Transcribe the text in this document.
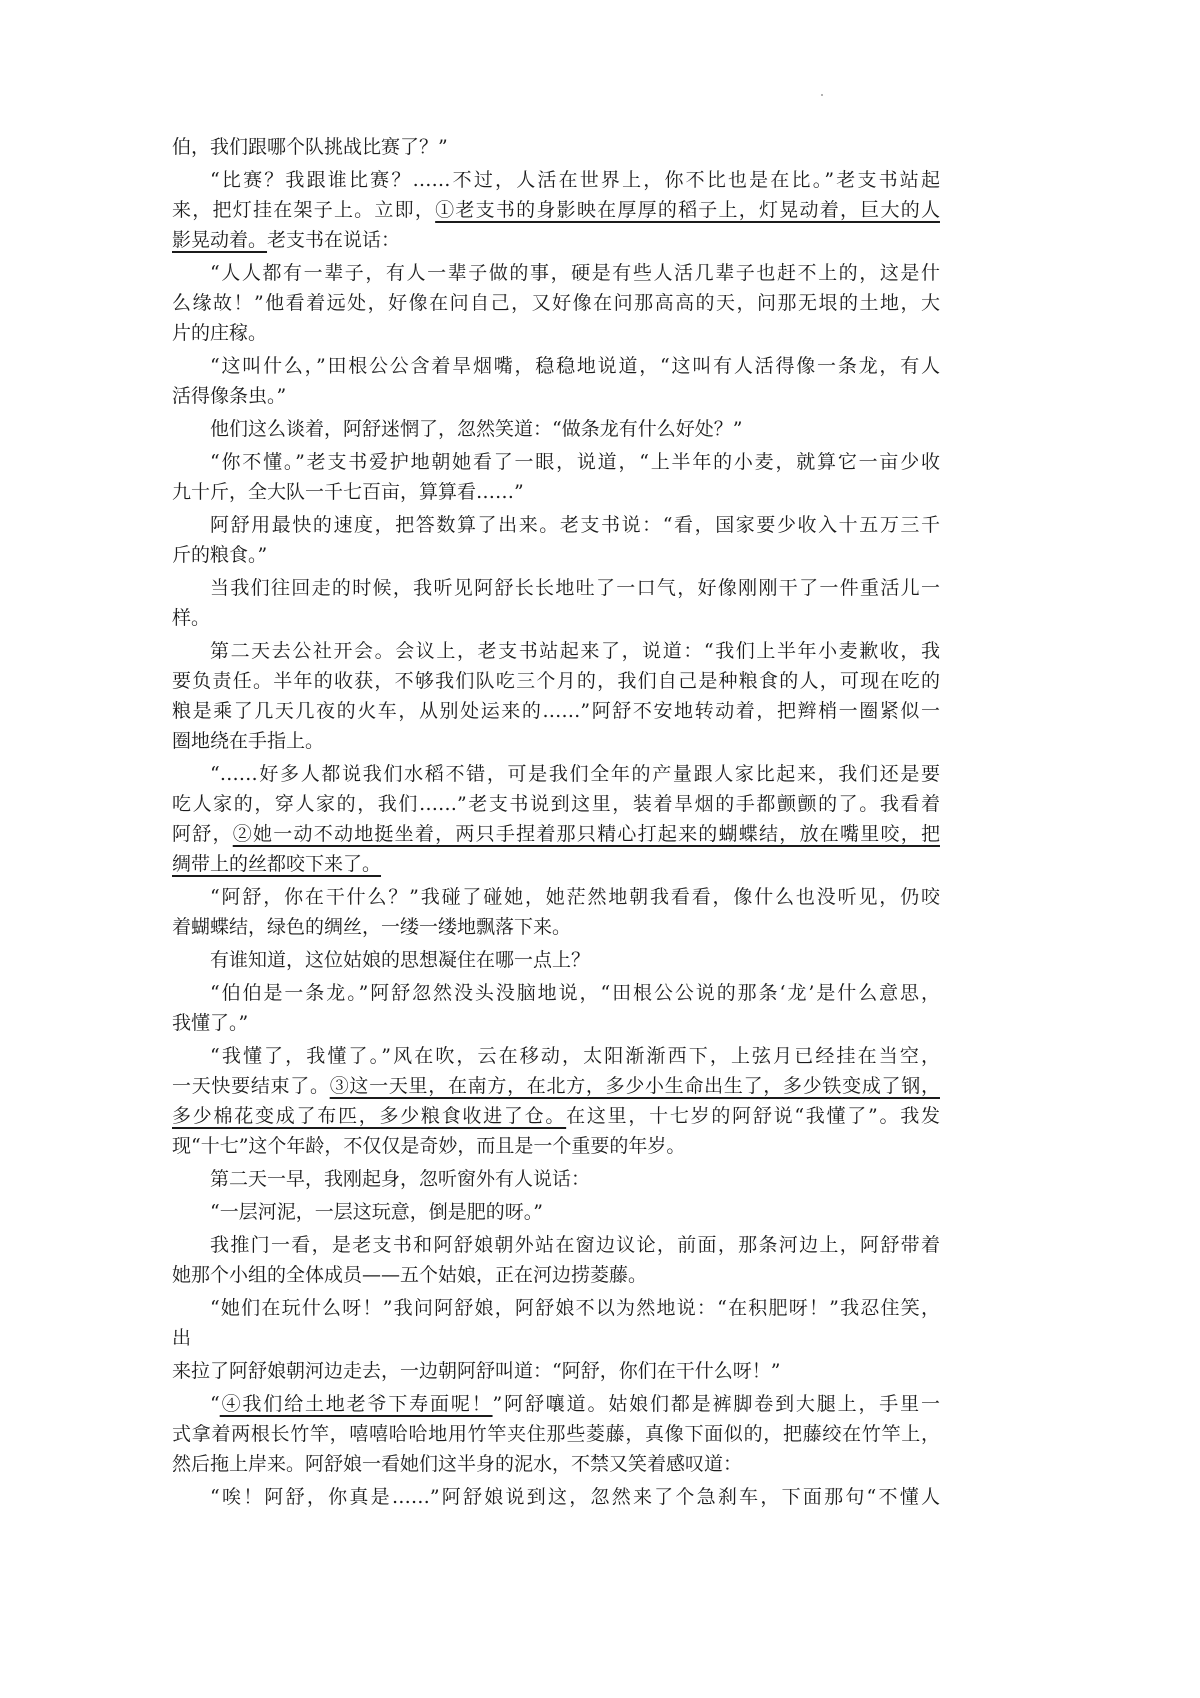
伯，我们跟哪个队挑战比赛了？”
“比赛？我跟谁比赛？……不过，人活在世界上，你不比也是在比。”老支书站起
来，把灯挂在架子上。立即，①老支书的身影映在厚厚的稻子上，灯晃动着，巨大的人
影晃动着。老支书在说话：
“人人都有一辈子，有人一辈子做的事，硬是有些人活几辈子也赶不上的，这是什
么缘故！”他看着远处，好像在问自己，又好像在问那高高的天，问那无垠的土地，大
片的庄稼。
“这叫什么，”田根公公含着旱烟嘴，稳稳地说道，“这叫有人活得像一条龙，有人
活得像条虫。”
他们这么谈着，阿舒迷惘了，忽然笑道：“做条龙有什么好处？”
“你不懂。”老支书爱护地朝她看了一眼，说道，“上半年的小麦，就算它一亩少收
九十斤，全大队一千七百亩，算算看……”
阿舒用最快的速度，把答数算了出来。老支书说：“看，国家要少收入十五万三千
斤的粮食。”
当我们往回走的时候，我听见阿舒长长地吐了一口气，好像刚刚干了一件重活儿一
样。
第二天去公社开会。会议上，老支书站起来了，说道：“我们上半年小麦歉收，我
要负责任。半年的收获，不够我们队吃三个月的，我们自己是种粮食的人，可现在吃的
粮是乘了几天几夜的火车，从别处运来的……”阿舒不安地转动着，把辫梢一圈紧似一
圈地绕在手指上。
“……好多人都说我们水稻不错，可是我们全年的产量跟人家比起来，我们还是要
吃人家的，穿人家的，我们……”老支书说到这里，装着旱烟的手都颤颤的了。我看着
阿舒，②她一动不动地挺坐着，两只手捏着那只精心打起来的蝴蝶结，放在嘴里咬，把
绸带上的丝都咬下来了。
“阿舒，你在干什么？”我碰了碰她，她茫然地朝我看看，像什么也没听见，仍咬
着蝴蝶结，绿色的绸丝，一缕一缕地飘落下来。
有谁知道，这位姑娘的思想凝住在哪一点上？
“伯伯是一条龙。”阿舒忽然没头没脑地说，“田根公公说的那条‘龙’是什么意思，
我懂了。”
“我懂了，我懂了。”风在吹，云在移动，太阳渐渐西下，上弦月已经挂在当空，
一天快要结束了。③这一天里，在南方，在北方，多少小生命出生了，多少铁变成了钢，
多少棉花变成了布匹，多少粮食收进了仓。在这里，十七岁的阿舒说“我懂了”。我发
现“十七”这个年龄，不仅仅是奇妙，而且是一个重要的年岁。
第二天一早，我刚起身，忽听窗外有人说话：
“一层河泥，一层这玩意，倒是肥的呀。”
我推门一看，是老支书和阿舒娘朝外站在窗边议论，前面，那条河边上，阿舒带着
她那个小组的全体成员——五个姑娘，正在河边捞菱藤。
“她们在玩什么呀！”我问阿舒娘，阿舒娘不以为然地说：“在积肥呀！”我忍住笑，
出
来拉了阿舒娘朝河边走去，一边朝阿舒叫道：“阿舒，你们在干什么呀！”
“④我们给土地老爷下寿面呢！”阿舒嚷道。姑娘们都是裤脚卷到大腿上，手里一
式拿着两根长竹竿，嘻嘻哈哈地用竹竿夹住那些菱藤，真像下面似的，把藤绞在竹竿上，
然后拖上岸来。阿舒娘一看她们这半身的泥水，不禁又笑着感叹道：
“唉！阿舒，你真是……”阿舒娘说到这，忽然来了个急刹车，下面那句“不懂人
